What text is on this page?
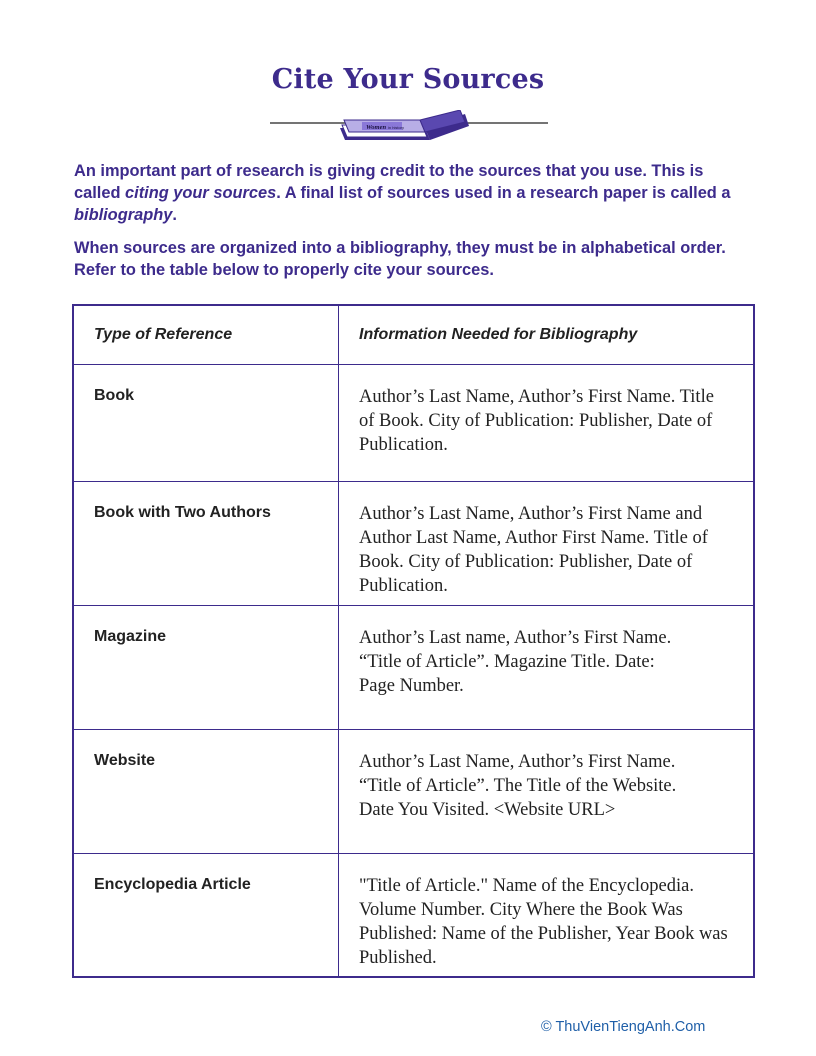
Cite Your Sources
Women in history

An important part of research is giving credit to the sources that you use. This is called citing your sources. A final list of sources used in a research paper is called a bibliography.

When sources are organized into a bibliography, they must be in alphabetical order. Refer to the table below to properly cite your sources.

Type of Reference	Information Needed for Bibliography
Book	Author’s Last Name, Author’s First Name. Title
of Book. City of Publication: Publisher, Date of
Publication.

Book with Two Authors	Author’s Last Name, Author’s First Name and
Author Last Name, Author First Name. Title of
Book. City of Publication: Publisher, Date of
Publication.

Magazine	Author’s Last name, Author’s First Name.
“Title of Article”. Magazine Title. Date:
Page Number.

Website	Author’s Last Name, Author’s First Name.
“Title of Article”. The Title of the Website.
Date You Visited. <Website URL>

Encyclopedia Article	"Title of Article." Name of the Encyclopedia.
Volume Number. City Where the Book Was
Published: Name of the Publisher, Year Book was
Published.
© ThuVienTiengAnh.Com
